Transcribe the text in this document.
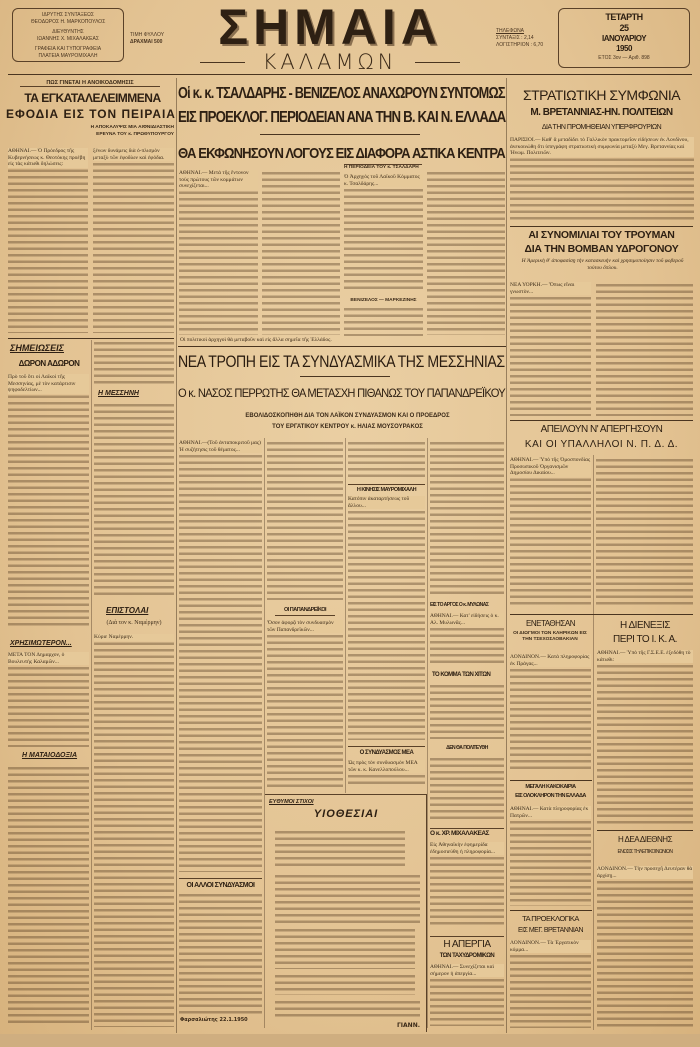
ΙΔΡΥΤΗΣ ΣΥΝΤΑΞΕΩΣ
ΘΕΟΔΩΡΟΣ Η. ΜΑΡΚΟΠΟΥΛΟΣ
ΔΙΕΥΘΥΝΤΗΣ
ΙΩΑΝΝΗΣ Χ. ΜΙΧΑΛΑΚΕΑΣ
ΓΡΑΦΕΙΑ ΚΑΙ ΤΥΠΟΓΡΑΦΕΙΑ
ΠΛΑΤΕΙΑ ΜΑΥΡΟΜΙΧΑΛΗ
ΤΙΜΗ ΦΥΛΛΟΥ
ΔΡΑΧΜΑΙ 500	ΣΗΜΑΙΑ
ΚΑΛΑΜΩΝ
ΤΗΛΕΦΩΝΑ
ΣΥΝΤΑΞΙΣ : 2,14
ΛΟΓΙΣΤΗΡΙΟΝ : 6,70
ΤΕΤΑΡΤΗ
25
ΙΑΝΟΥΑΡΙΟΥ
1950
ΕΤΟΣ 3ον — Αριθ. 898
ΠΩΣ ΓΙΝΕΤΑΙ Η ΑΝΟΙΚΟΔΟΜΗΣΙΣ
ΤΑ ΕΓΚΑΤΑΛΕΛΕΙΜΜΕΝΑ
ΕΦΟΔΙΑ ΕΙΣ ΤΟΝ ΠΕΙΡΑΙΑ
Η ΑΠΟΚΑΛΥΨΙΣ ΜΙΑ ΑΙΦΝΙΔΙΑΣΤΙΚΗ ΕΡΕΥΝΑ ΤΟΥ κ. ΠΡΩΘΥΠΟΥΡΓΟΥ
ΑΘΗΝΑΙ.— Ὁ Πρόεδρος τῆς Κυβερνήσεως κ. Θεοτόκης προέβη εἰς τὰς κάτωθι δηλώσεις:
ξένων δυνάμεις διὰ ὁ-πλισμὸν μεταξὺ τῶν ἐφοδίων καὶ ἐφόδια.
ΣΗΜΕΙΩΣΕΙΣ
ΔΩΡΟΝ ΑΔΩΡΟΝ
Πρὸ τοῦ ὅτι οἱ Λαϊκοὶ τῆς Μεσσηνίας, μὲ τὸν κατάρτισιν ψηφοδελτίων...
ΧΡΗΣΙΜΩΤΕΡΟΝ...
ΜΕΤΑ ΤΟΝ Δημαρχον, ὁ Βουλευτὴς Καλαμῶν...
Η ΜΑΤΑΙΟΔΟΞΙΑ
Η ΜΕΣΣΗΝΗ
ΕΠΙΣΤΟΛΑΙ
(Διὰ τον κ. Ναμέρμην)
Κύριε Ναμέρμην.
Οἱ κ. κ. ΤΣΑΛΔΑΡΗΣ - ΒΕΝΙΖΕΛΟΣ ΑΝΑΧΩΡΟΥΝ ΣΥΝΤΟΜΩΣ
ΕΙΣ ΠΡΟΕΚΛΟΓ. ΠΕΡΙΟΔΕΙΑΝ ΑΝΑ ΤΗΝ Β. ΚΑΙ Ν. ΕΛΛΑΔΑ
ΘΑ ΕΚΦΩΝΗΣΟΥΝ ΛΟΓΟΥΣ ΕΙΣ ΔΙΑΦΟΡΑ ΑΣΤΙΚΑ ΚΕΝΤΡΑ
ΑΘΗΝΑΙ.— Μετὰ τῆς ἔντονον τοὺς πρώτους τῶν κομμάτων συνεχίζεται...
Η ΠΕΡΙΟΔΕΙΑ ΤΟΥ κ. ΤΣΑΛΔΑΡΗ
Ὁ Ἀρχηγὸς τοῦ Λαϊκοῦ Κόμματος κ. Τσαλδάρης...
ΒΕΝΙΖΕΛΟΣ — ΜΑΡΚΕΖΙΝΗΣ
Οἱ πολιτικοὶ ἀρχηγοὶ θὰ μεταβοῦν καὶ εἰς ἄλλα σημεῖα τῆς Ἑλλάδος.
ΝΕΑ ΤΡΟΠΗ ΕΙΣ ΤΑ ΣΥΝΔΥΑΣΜΙΚΑ ΤΗΣ ΜΕΣΣΗΝΙΑΣ
Ο κ. ΝΑΣΟΣ ΠΕΡΡΩΤΗΣ ΘΑ ΜΕΤΑΣΧΗ ΠΙΘΑΝΩΣ ΤΟΥ ΠΑΠΑΝΔΡΕΪΚΟΥ
ΕΒΟΛΙΔΟΣΚΟΠΗΘΗ ΔΙΑ ΤΟΝ ΛΑΪΚΟΝ ΣΥΝΔΥΑΣΜΟΝ ΚΑΙ Ο ΠΡΟΕΔΡΟΣ
ΤΟΥ ΕΡΓΑΤΙΚΟΥ ΚΕΝΤΡΟΥ κ. ΗΛΙΑΣ ΜΟΥΣΟΥΡΑΚΟΣ
ΑΘΗΝΑΙ.—(Τοῦ ἀνταποκριτοῦ μας) Ἡ συζήτησις τοῦ θέματος...
ΟΙ ΑΛΛΟΙ ΣΥΝΔΥΑΣΜΟΙ
Φαρσαλιώτης 22.1.1950
ΟΙ ΠΑΠΑΝΔΡΕΪΚΟΙ
Ὅσον ἀφορᾷ τὸν συνδυασμὸν τῶν Παπανδρεϊκῶν...
Η ΚΙΝΗΣΙΣ ΜΑΥΡΟΜΙΧΑΛΗ
Κατόπιν ἀκαταρτήσεως τοῦ ἄλλου...
Ο ΣΥΝΔΥΑΣΜΟΣ ΜΕΑ
Ὡς πρὸς τὸν συνδυασμὸν ΜΕΑ τῶν κ. κ. Κανελλοπούλου...
ΕΙΣ ΤΟ ΑΡΓΟΣ Ο κ. ΜΥΛΩΝΑΣ
ΑΘΗΝΑΙ.— Κατ' εἰδήσεις ὁ κ. Αλ. Μυλωνᾶς...
ΤΟ ΚΟΜΜΑ ΤΩΝ ΧΙΤΩΝ
ΔΕΝ ΘΑ ΠΟΛΙΤΕΥΘΗ
Ο κ. ΧΡ. ΜΙΧΑΛΑΚΕΑΣ
Εἰς Ἀθηναϊκὴν ἐφημερίδα ἐδημοσιεύθη ἡ πληροφορία...
Η ΑΠΕΡΓΙΑ
ΤΩΝ ΤΑΧΥΔΡΟΜΙΚΩΝ
ΑΘΗΝΑΙ.— Συνεχίζεται καὶ σήμερον ἡ ἀπεργία...
ΕΥΘΥΜΟΙ ΣΤΙΧΟΙ
ΥΙΟΘΕΣΙΑΙ
ΓΙΑΝΝ.
ΣΤΡΑΤΙΩΤΙΚΗ ΣΥΜΦΩΝΙΑ
Μ. ΒΡΕΤΑΝΝΙΑΣ-ΗΝ. ΠΟΛΙΤΕΙΩΝ
ΔΙΑ ΤΗΝ ΠΡΟΜΗΘΕΙΑΝ ΥΠΕΡΦΡΟΥΡΙΩΝ
ΠΑΡΙΣΙΟΙ.— Καθ' ἃ μεταδίδει τὸ Γαλλικὸν πρακτορεῖον εἰδήσεων ἐκ Λονδίνου, ἀνεκοινώθη ὅτι ὑπεγράφη στρατιωτικὴ συμφωνία μεταξὺ Μεγ. Βρεταννίας καὶ Ἡνωμ. Πολιτειῶν.
ΑΙ ΣΥΝΟΜΙΛΙΑΙ ΤΟΥ ΤΡΟΥΜΑΝ
ΔΙΑ ΤΗΝ ΒΟΜΒΑΝ ΥΔΡΟΓΟΝΟΥ
Η Ἀμερικὴ θ' ἀποφασίσῃ τὴν κατασκευὴν καὶ χρησιμοποίησιν τοῦ φοβεροῦ τούτου ὅπλου.
ΝΕΑ ΥΟΡΚΗ.— Ὅπως εἶναι γνωστὸν...
ΑΠΕΙΛΟΥΝ Ν' ΑΠΕΡΓΗΣΟΥΝ
ΚΑΙ ΟΙ ΥΠΑΛΛΗΛΟΙ Ν. Π. Δ. Δ.
ΑΘΗΝΑΙ.— Ὑπὸ τῆς Ὁμοσπονδίας Προσωπικοῦ Ὀργανισμῶν Δημοσίου Δικαίου...
ΕΝΕΤΑΘΗΣΑΝ
ΟΙ ΔΙΩΓΜΟΙ ΤΩΝ ΚΛΗΡΙΚΩΝ ΕΙΣ ΤΗΝ ΤΣΕΧΟΣΛΟΒΑΚΙΑΝ
ΛΟΝΔΙΝΟΝ.— Κατὰ πληροφορίας ἐκ Πράγας...
Η ΔΙΕΝΕΞΙΣ
ΠΕΡΙ ΤΟ Ι. Κ. Α.
ΑΘΗΝΑΙ.— Ὑπὸ τῆς Γ.Σ.Ε.Ε. ἐξεδόθη τὸ κάτωθι:
ΜΕΓΑΛΗ ΚΑΚΟΚΑΙΡΙΑ
ΕΙΣ ΟΛΟΚΛΗΡΟΝ ΤΗΝ ΕΛΛΑΔΑ
ΑΘΗΝΑΙ.— Κατὰ πληροφορίας ἐκ Πατρῶν...
ΤΑ ΠΡΟΕΚΛΟΓΙΚΑ
ΕΙΣ ΜΕΓ. ΒΡΕΤΑΝΝΙΑΝ
ΛΟΝΔΙΝΟΝ.— Τὰ Ἐργατικὸν κόμμα...
Η ΔΕΑ ΔΙΕΘΝΗΣ
ΕΝΩΣΙΣ ΤΗΛΕΠΙΚΟΙΝΩΝΙΩΝ
ΛΟΝΔΙΝΟΝ.— Τὴν προσεχῆ Δευτέραν θὰ ἀρχίσῃ...
